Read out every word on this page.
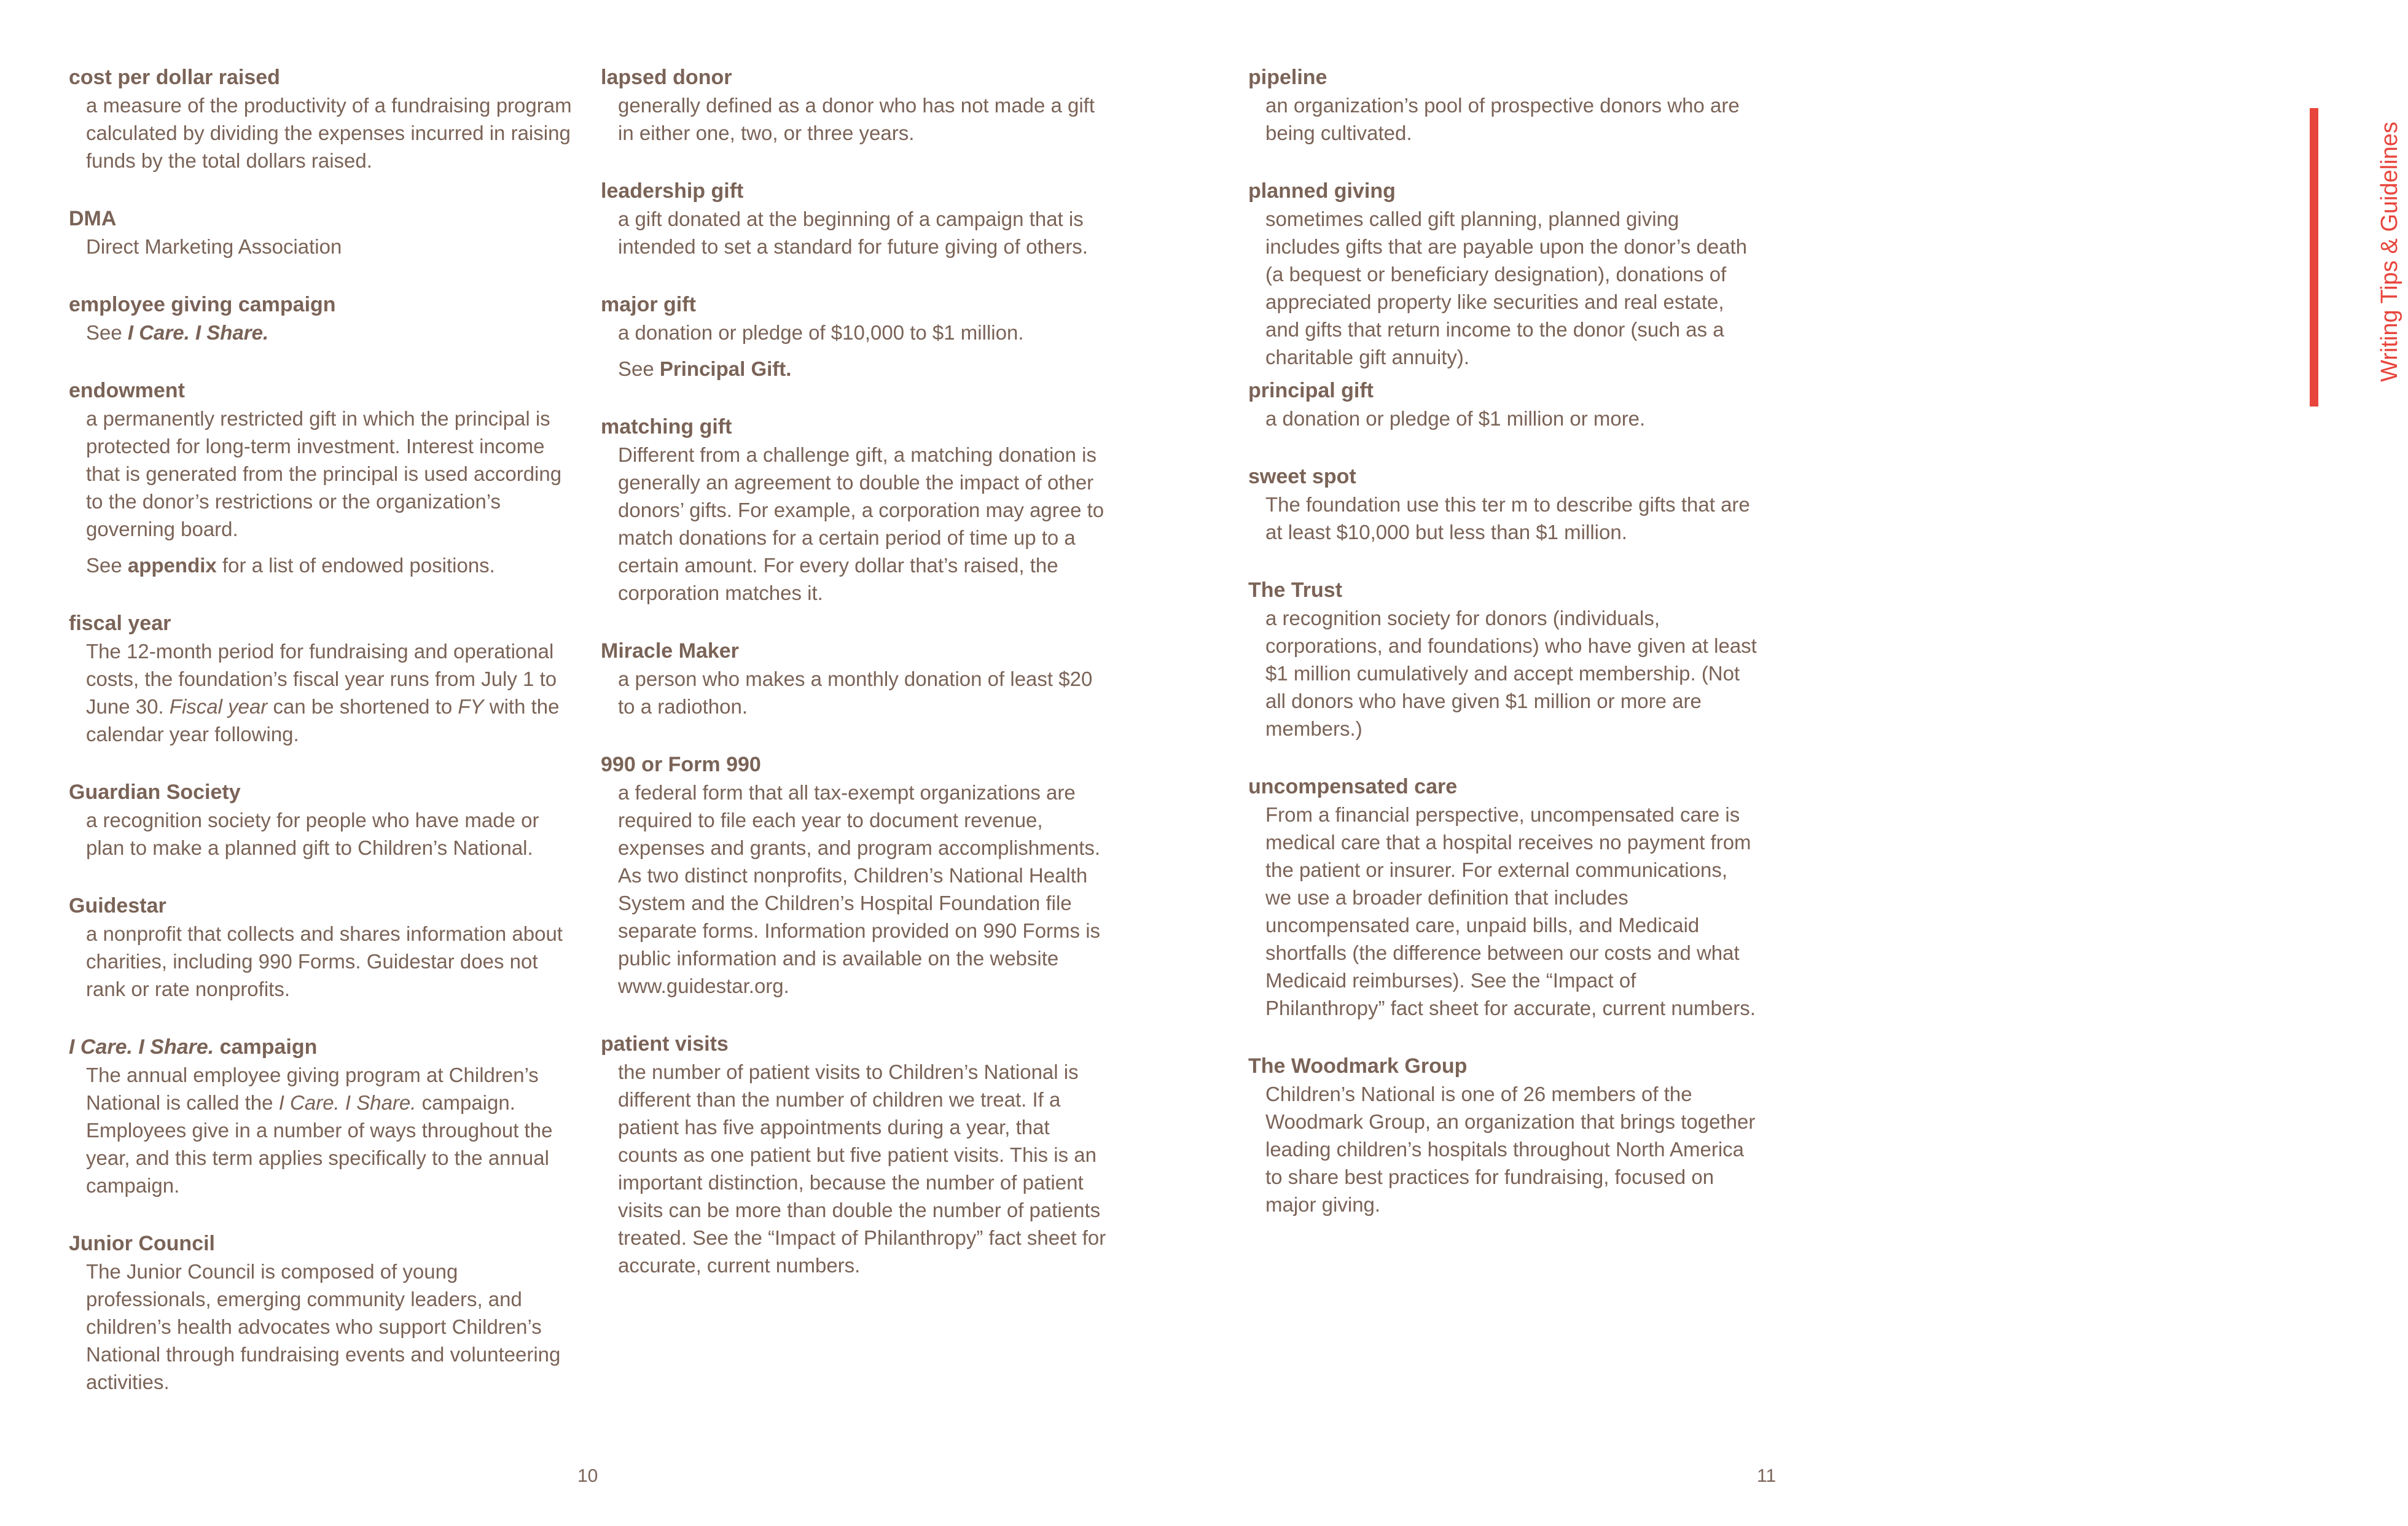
cost per dollar raised

a measure of the productivity of a fundraising program calculated by dividing the expenses incurred in raising funds by the total dollars raised.

DMA

Direct Marketing Association

employee giving campaign

See I Care. I Share.

endowment

a permanently restricted gift in which the principal is protected for long-term investment. Interest income that is generated from the principal is used according to the donor’s restrictions or the organization’s governing board.

See appendix for a list of endowed positions.

fiscal year

The 12-month period for fundraising and operational costs, the foundation’s fiscal year runs from July 1 to June 30. Fiscal year can be shortened to FY with the calendar year following.

Guardian Society

a recognition society for people who have made or plan to make a planned gift to Children’s National.

Guidestar

a nonprofit that collects and shares information about charities, including 990 Forms. Guidestar does not rank or rate nonprofits.

I Care. I Share. campaign

The annual employee giving program at Children’s National is called the I Care. I Share. campaign. Employees give in a number of ways throughout the year, and this term applies specifically to the annual campaign.

Junior Council

The Junior Council is composed of young professionals, emerging community leaders, and children’s health advocates who support Children’s National through fundraising events and volunteering activities.

lapsed donor

generally defined as a donor who has not made a gift in either one, two, or three years.

leadership gift

a gift donated at the beginning of a campaign that is intended to set a standard for future giving of others.

major gift

a donation or pledge of $10,000 to $1 million.

See Principal Gift.

matching gift

Different from a challenge gift, a matching donation is generally an agreement to double the impact of other donors’ gifts. For example, a corporation may agree to match donations for a certain period of time up to a certain amount. For every dollar that’s raised, the corporation matches it.

Miracle Maker

a person who makes a monthly donation of least $20 to a radiothon.

990 or Form 990

a federal form that all tax-exempt organizations are required to file each year to document revenue, expenses and grants, and program accomplishments. As two distinct nonprofits, Children’s National Health System and the Children’s Hospital Foundation file separate forms. Information provided on 990 Forms is public information and is available on the website www.guidestar.org.

patient visits

the number of patient visits to Children’s National is different than the number of children we treat. If a patient has five appointments during a year, that counts as one patient but five patient visits. This is an important distinction, because the number of patient visits can be more than double the number of patients treated. See the “Impact of Philanthropy” fact sheet for accurate, current numbers.

pipeline

an organization’s pool of prospective donors who are being cultivated.

planned giving

sometimes called gift planning, planned giving includes gifts that are payable upon the donor’s death (a bequest or beneficiary designation), donations of appreciated property like securities and real estate, and gifts that return income to the donor (such as a charitable gift annuity).

principal gift

a donation or pledge of $1 million or more.

sweet spot

The foundation use this ter m to describe gifts that are at least $10,000 but less than $1 million.

The Trust

a recognition society for donors (individuals, corporations, and foundations) who have given at least $1 million cumulatively and accept membership. (Not all donors who have given $1 million or more are members.)

uncompensated care

From a financial perspective, uncompensated care is medical care that a hospital receives no payment from the patient or insurer. For external communications, we use a broader definition that includes uncompensated care, unpaid bills, and Medicaid shortfalls (the difference between our costs and what Medicaid reimburses). See the “Impact of Philanthropy” fact sheet for accurate, current numbers.

The Woodmark Group

Children’s National is one of 26 members of the Woodmark Group, an organization that brings together leading children’s hospitals throughout North America to share best practices for fundraising, focused on major giving.

10	11
Writing Tips & Guidelines
